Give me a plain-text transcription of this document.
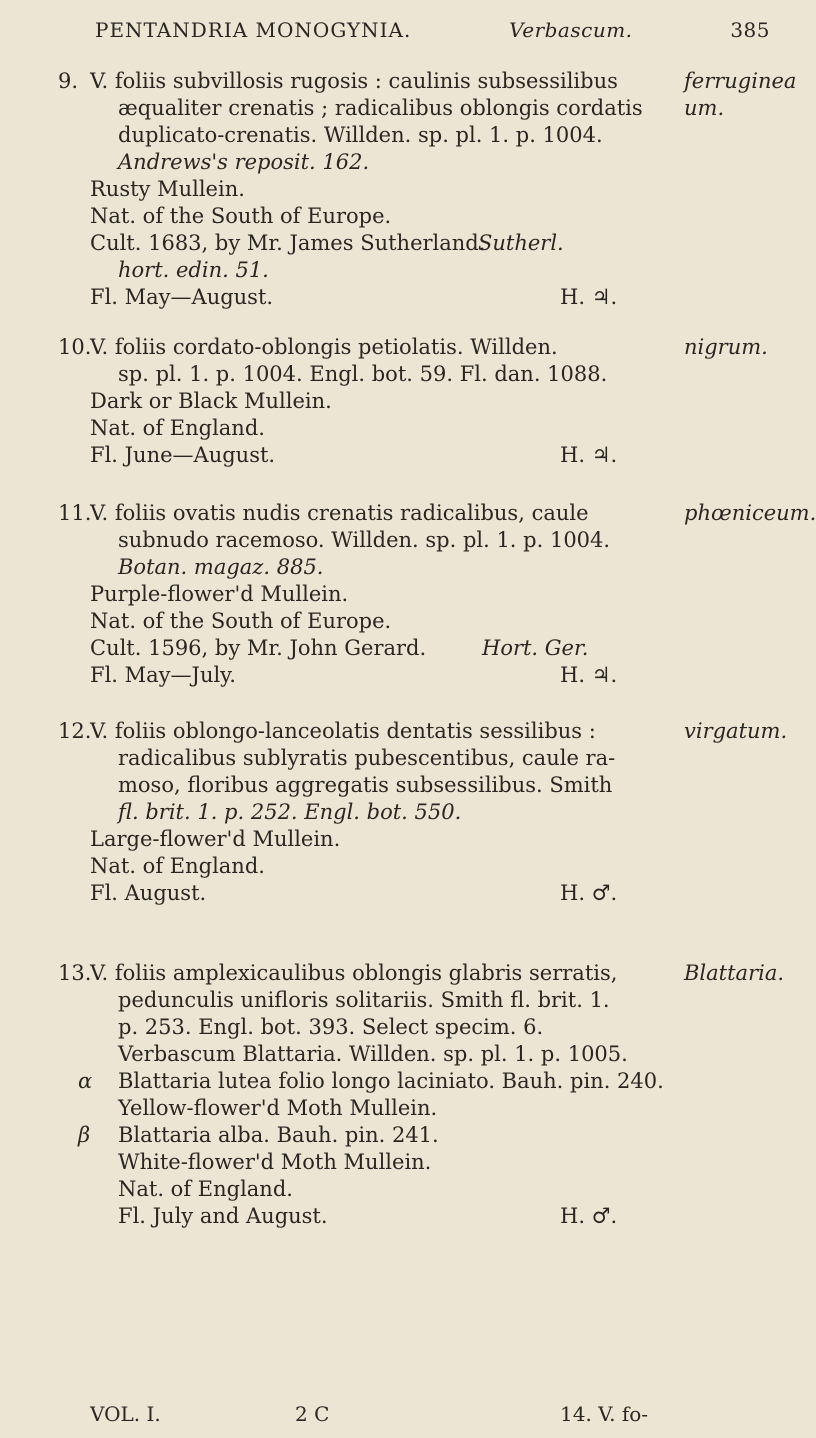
PENTANDRIA MONOGYNIA.	Verbascum.	385
9. V. foliis subvillosis rugosis : caulinis subsessilibus	ferruginea
æqualiter crenatis ; radicalibus oblongis cordatis um.
duplicato-crenatis. Willden. sp. pl. 1. p. 1004.
Andrews's reposit. 162.
Rusty Mullein.
Nat. of the South of Europe.
Cult. 1683, by Mr. James Sutherland.
Sutherl.
hort. edin. 51.
Fl. May—August.	H. ♃.
10.
V. foliis cordato-oblongis petiolatis. Willden.	nigrum.
sp. pl. 1. p. 1004. Engl. bot. 59. Fl. dan. 1088.
Dark or Black Mullein.
Nat. of England.
Fl. June—August.	H. ♃.
11.
V. foliis ovatis nudis crenatis radicalibus, caule	phœniceum.
subnudo racemoso. Willden. sp. pl. 1. p. 1004.
Botan. magaz. 885.
Purple-flower'd Mullein.
Nat. of the South of Europe.
Cult. 1596, by Mr. John Gerard.	Hort. Ger.
Fl. May—July.	H. ♃.
12.
V. foliis oblongo-lanceolatis dentatis sessilibus :	virgatum.
radicalibus sublyratis pubescentibus, caule ra-
moso, floribus aggregatis subsessilibus. Smith
fl. brit. 1. p. 252. Engl. bot. 550.
Large-flower'd Mullein.
Nat. of England.
Fl. August.	H. ♂.
13.
V. foliis amplexicaulibus oblongis glabris serratis,	Blattaria.
pedunculis unifloris solitariis. Smith fl. brit. 1.
p. 253. Engl. bot. 393. Select specim. 6.
Verbascum Blattaria. Willden. sp. pl. 1. p. 1005.
α Blattaria lutea folio longo laciniato. Bauh. pin. 240.
Yellow-flower'd Moth Mullein.
β Blattaria alba. Bauh. pin. 241.
White-flower'd Moth Mullein.
Nat. of England.
Fl. July and August.	H. ♂.
VOL. I.	2 C	14. V. fo-
